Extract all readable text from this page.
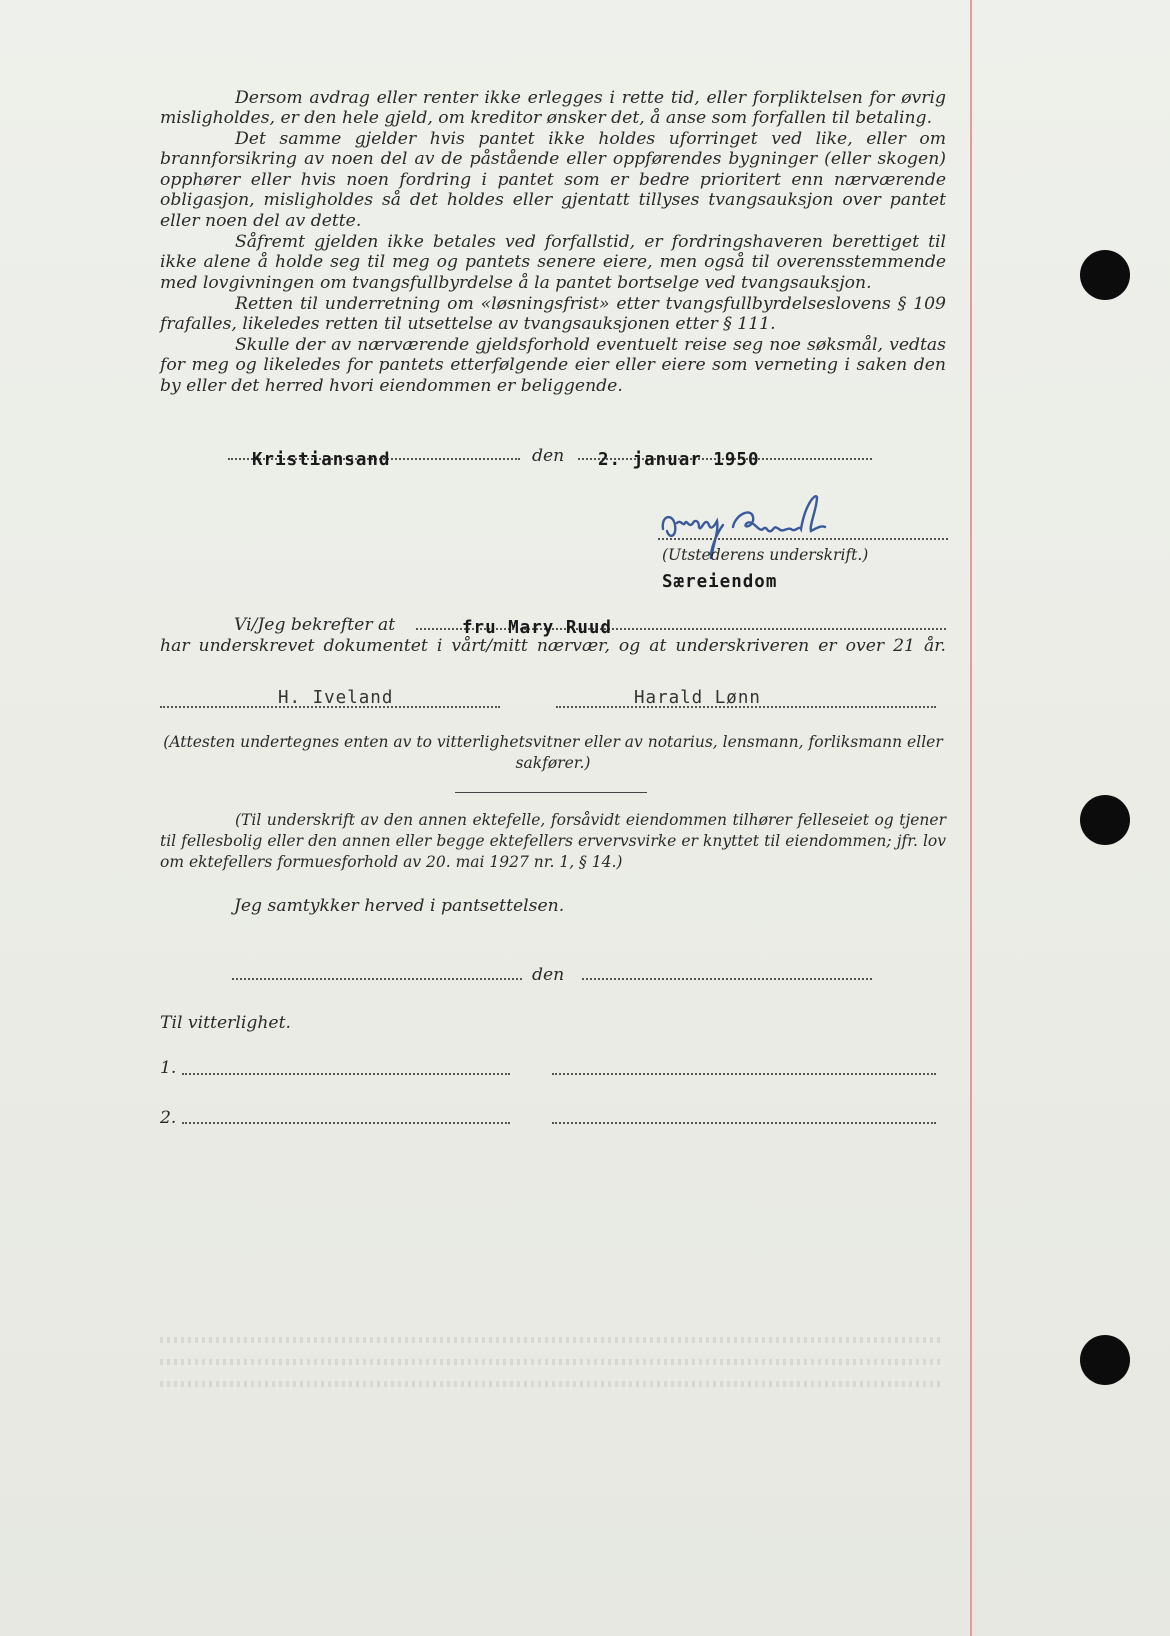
Dersom avdrag eller renter ikke erlegges i rette tid, eller forpliktelsen for øvrig misligholdes, er den hele gjeld, om kreditor ønsker det, å anse som forfallen til betaling.

Det samme gjelder hvis pantet ikke holdes uforringet ved like, eller om brannforsikring av noen del av de påstående eller oppførendes bygninger (eller skogen) opphører eller hvis noen fordring i pantet som er bedre prioritert enn nærværende obligasjon, misligholdes så det holdes eller gjentatt tillyses tvangsauksjon over pantet eller noen del av dette.

Såfremt gjelden ikke betales ved forfallstid, er fordringshaveren berettiget til ikke alene å holde seg til meg og pantets senere eiere, men også til overensstemmende med lovgivningen om tvangsfullbyrdelse å la pantet bortselge ved tvangsauksjon.

Retten til underretning om «løsningsfrist» etter tvangsfullbyrdelseslovens § 109 frafalles, likeledes retten til utsettelse av tvangsauksjonen etter § 111.

Skulle der av nærværende gjeldsforhold eventuelt reise seg noe søksmål, vedtas for meg og likeledes for pantets etterfølgende eier eller eiere som verneting i saken den by eller det herred hvori eiendommen er beliggende.

Kristiansand	den 2. januar 1950
(Utstederens underskrift.)
Særeiendom
Vi/Jeg bekrefter at	fru Mary Ruud
har underskrevet dokumentet i vårt/mitt nærvær, og at underskriveren er over 21 år.
H. Iveland	Harald Lønn
(Attesten undertegnes enten av to vitterlighetsvitner eller av notarius, lensmann, forliksmann eller sakfører.)
(Til underskrift av den annen ektefelle, forsåvidt eiendommen tilhører felleseiet og tjener til fellesbolig eller den annen eller begge ektefellers ervervsvirke er knyttet til eiendommen; jfr. lov om ektefellers formuesforhold av 20. mai 1927 nr. 1, § 14.)
Jeg samtykker herved i pantsettelsen.
den
Til vitterlighet.
1.
2.
